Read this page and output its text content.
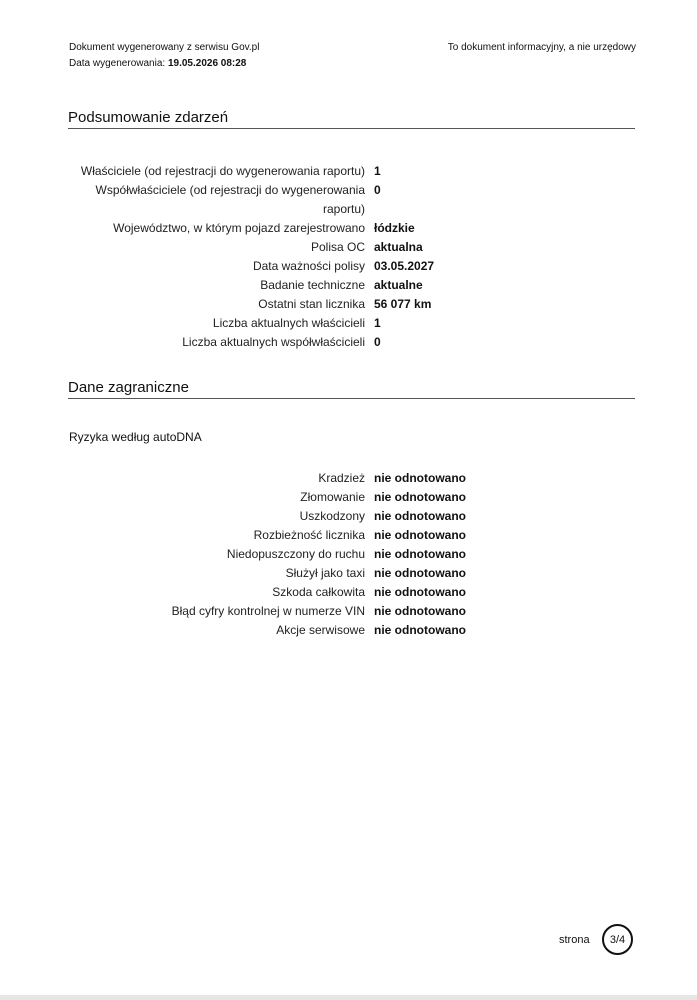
Dokument wygenerowany z serwisu Gov.pl
Data wygenerowania: 19.05.2026 08:28
To dokument informacyjny, a nie urzędowy
Podsumowanie zdarzeń
Właściciele (od rejestracji do wygenerowania raportu) 1
Współwłaściciele (od rejestracji do wygenerowania raportu)
0
Województwo, w którym pojazd zarejestrowano łódzkie
Polisa OC aktualna
Data ważności polisy 03.05.2027
Badanie techniczne aktualne
Ostatni stan licznika 56 077 km
Liczba aktualnych właścicieli 1
Liczba aktualnych współwłaścicieli 0
Dane zagraniczne
Ryzyka według autoDNA
Kradzież nie odnotowano
Złomowanie nie odnotowano
Uszkodzony nie odnotowano
Rozbieżność licznika nie odnotowano
Niedopuszczony do ruchu nie odnotowano
Służył jako taxi nie odnotowano
Szkoda całkowita nie odnotowano
Błąd cyfry kontrolnej w numerze VIN nie odnotowano
Akcje serwisowe nie odnotowano
strona 3/4
